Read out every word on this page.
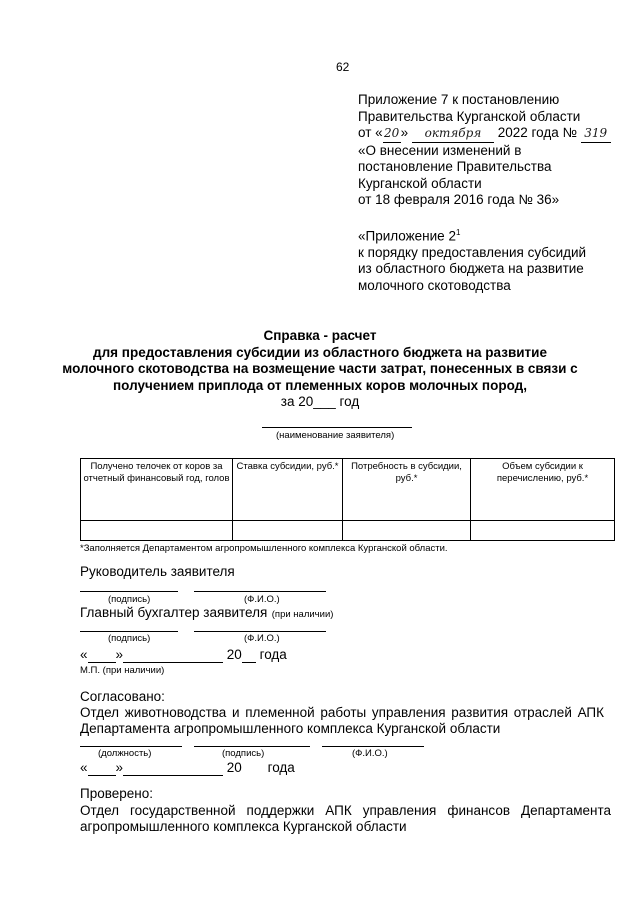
62
Приложение 7 к постановлению
Правительства Курганской области
от «20» октября 2022 года № 319
«О внесении изменений в
постановление Правительства
Курганской области
от 18 февраля 2016 года № 36»
«Приложение $2^1$
к порядку предоставления субсидий
из областного бюджета на развитие
молочного скотоводства
Справка - расчет
для предоставления субсидии из областного бюджета на развитие
молочного скотоводства на возмещение части затрат, понесенных в связи с
получением приплода от племенных коров молочных пород,
за 20___ год
(наименование заявителя)
Получено телочек от коров за отчетный финансовый год, голов	Ставка субсидии, руб.*	Потребность в субсидии, руб.*	Объем субсидии к перечислению, руб.*

*Заполняется Департаментом агропромышленного комплекса Курганской области.
Руководитель заявителя
(подпись)	(Ф.И.О.)
Главный бухгалтер заявителя (при наличии)
(подпись)	(Ф.И.О.)
« »	20 года
М.П. (при наличии)
Согласовано:
Отдел животноводства и племенной работы управления развития отраслей АПК
Департамента агропромышленного комплекса Курганской области
(должность)	(подпись)	(Ф.И.О.)
« »	20 года
Проверено:
Отдел государственной поддержки АПК управления финансов Департамента
агропромышленного комплекса Курганской области
